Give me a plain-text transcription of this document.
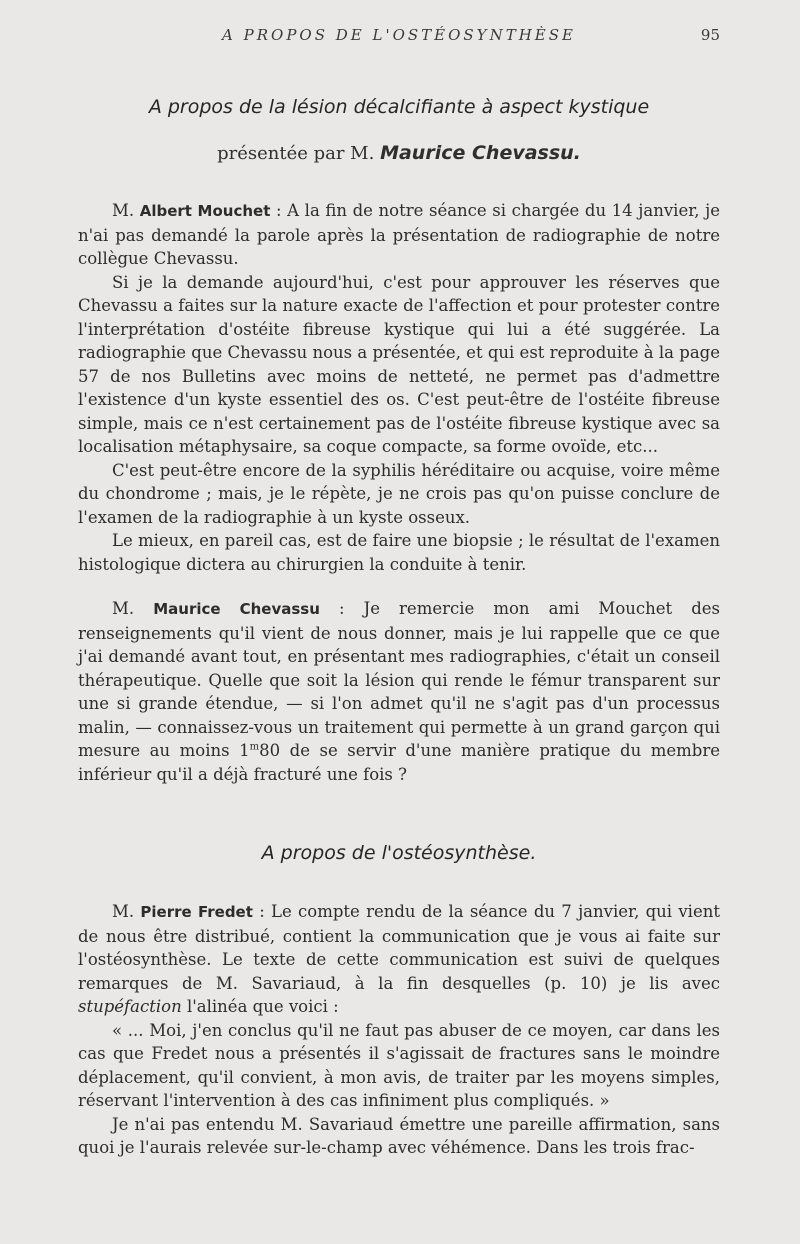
A PROPOS DE L'OSTÉOSYNTHÈSE	95
A propos de la lésion décalcifiante à aspect kystique
présentée par M. Maurice Chevassu.

M. Albert Mouchet : A la fin de notre séance si chargée du 14 janvier, je n'ai pas demandé la parole après la présentation de radiographie de notre collègue Chevassu.

Si je la demande aujourd'hui, c'est pour approuver les réserves que Chevassu a faites sur la nature exacte de l'affection et pour protester contre l'interprétation d'ostéite fibreuse kystique qui lui a été suggérée. La radiographie que Chevassu nous a présentée, et qui est reproduite à la page 57 de nos Bulletins avec moins de netteté, ne permet pas d'admettre l'existence d'un kyste essentiel des os. C'est peut-être de l'ostéite fibreuse simple, mais ce n'est certainement pas de l'ostéite fibreuse kystique avec sa localisation métaphysaire, sa coque compacte, sa forme ovoïde, etc...

C'est peut-être encore de la syphilis héréditaire ou acquise, voire même du chondrome ; mais, je le répète, je ne crois pas qu'on puisse conclure de l'examen de la radiographie à un kyste osseux.

Le mieux, en pareil cas, est de faire une biopsie ; le résultat de l'examen histologique dictera au chirurgien la conduite à tenir.

M. Maurice Chevassu : Je remercie mon ami Mouchet des renseignements qu'il vient de nous donner, mais je lui rappelle que ce que j'ai demandé avant tout, en présentant mes radiographies, c'était un conseil thérapeutique. Quelle que soit la lésion qui rende le fémur transparent sur une si grande étendue, — si l'on admet qu'il ne s'agit pas d'un processus malin, — connaissez-vous un traitement qui permette à un grand garçon qui mesure au moins 1$^m$80 de se servir d'une manière pratique du membre inférieur qu'il a déjà fracturé une fois ?

A propos de l'ostéosynthèse.

M. Pierre Fredet : Le compte rendu de la séance du 7 janvier, qui vient de nous être distribué, contient la communication que je vous ai faite sur l'ostéosynthèse. Le texte de cette communication est suivi de quelques remarques de M. Savariaud, à la fin desquelles (p. 10) je lis avec stupéfaction l'alinéa que voici :

« ... Moi, j'en conclus qu'il ne faut pas abuser de ce moyen, car dans les cas que Fredet nous a présentés il s'agissait de fractures sans le moindre déplacement, qu'il convient, à mon avis, de traiter par les moyens simples, réservant l'intervention à des cas infiniment plus compliqués. »

Je n'ai pas entendu M. Savariaud émettre une pareille affirmation, sans quoi je l'aurais relevée sur-le-champ avec véhémence. Dans les trois frac-
